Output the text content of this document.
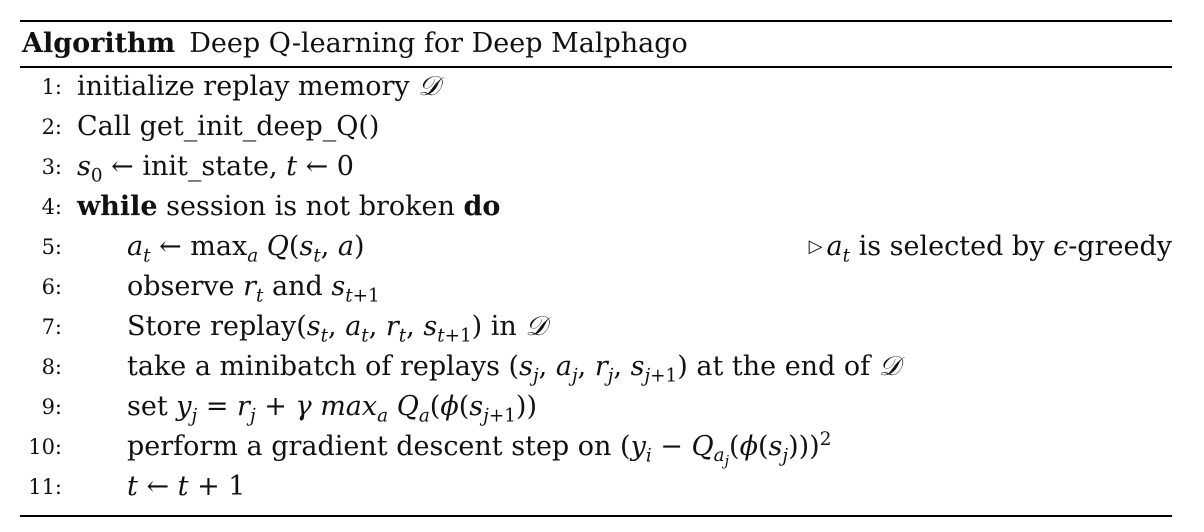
Algorithm Deep Q-learning for Deep Malphago
1: initialize replay memory 𝒟
2: Call get_init_deep_Q()
3: $s_0$ ← init_state, t ← 0
4: while session is not broken do
5: $a_t$ ← $\max_a Q(s_t$, a)	▷ $a_t$ is selected by ϵ-greedy
6: observe $r_t$ and $s_{t+1}$
7: Store $replay(s_t$, $a_t$, $r_t$, $s_{t+1}$) in 𝒟
8: take a minibatch of replays ($s_j$, $a_j$, $r_j$, $s_{j+1}$) at the end of 𝒟
9: set $y_j = r_j + \gamma$ $\max_a Q_a(\phi(s_{j+1}))$
10: perform a gradient descent step on $(y_i - Q_{a_j}(\phi(s_j)))^2$
11: t ← t + 1
